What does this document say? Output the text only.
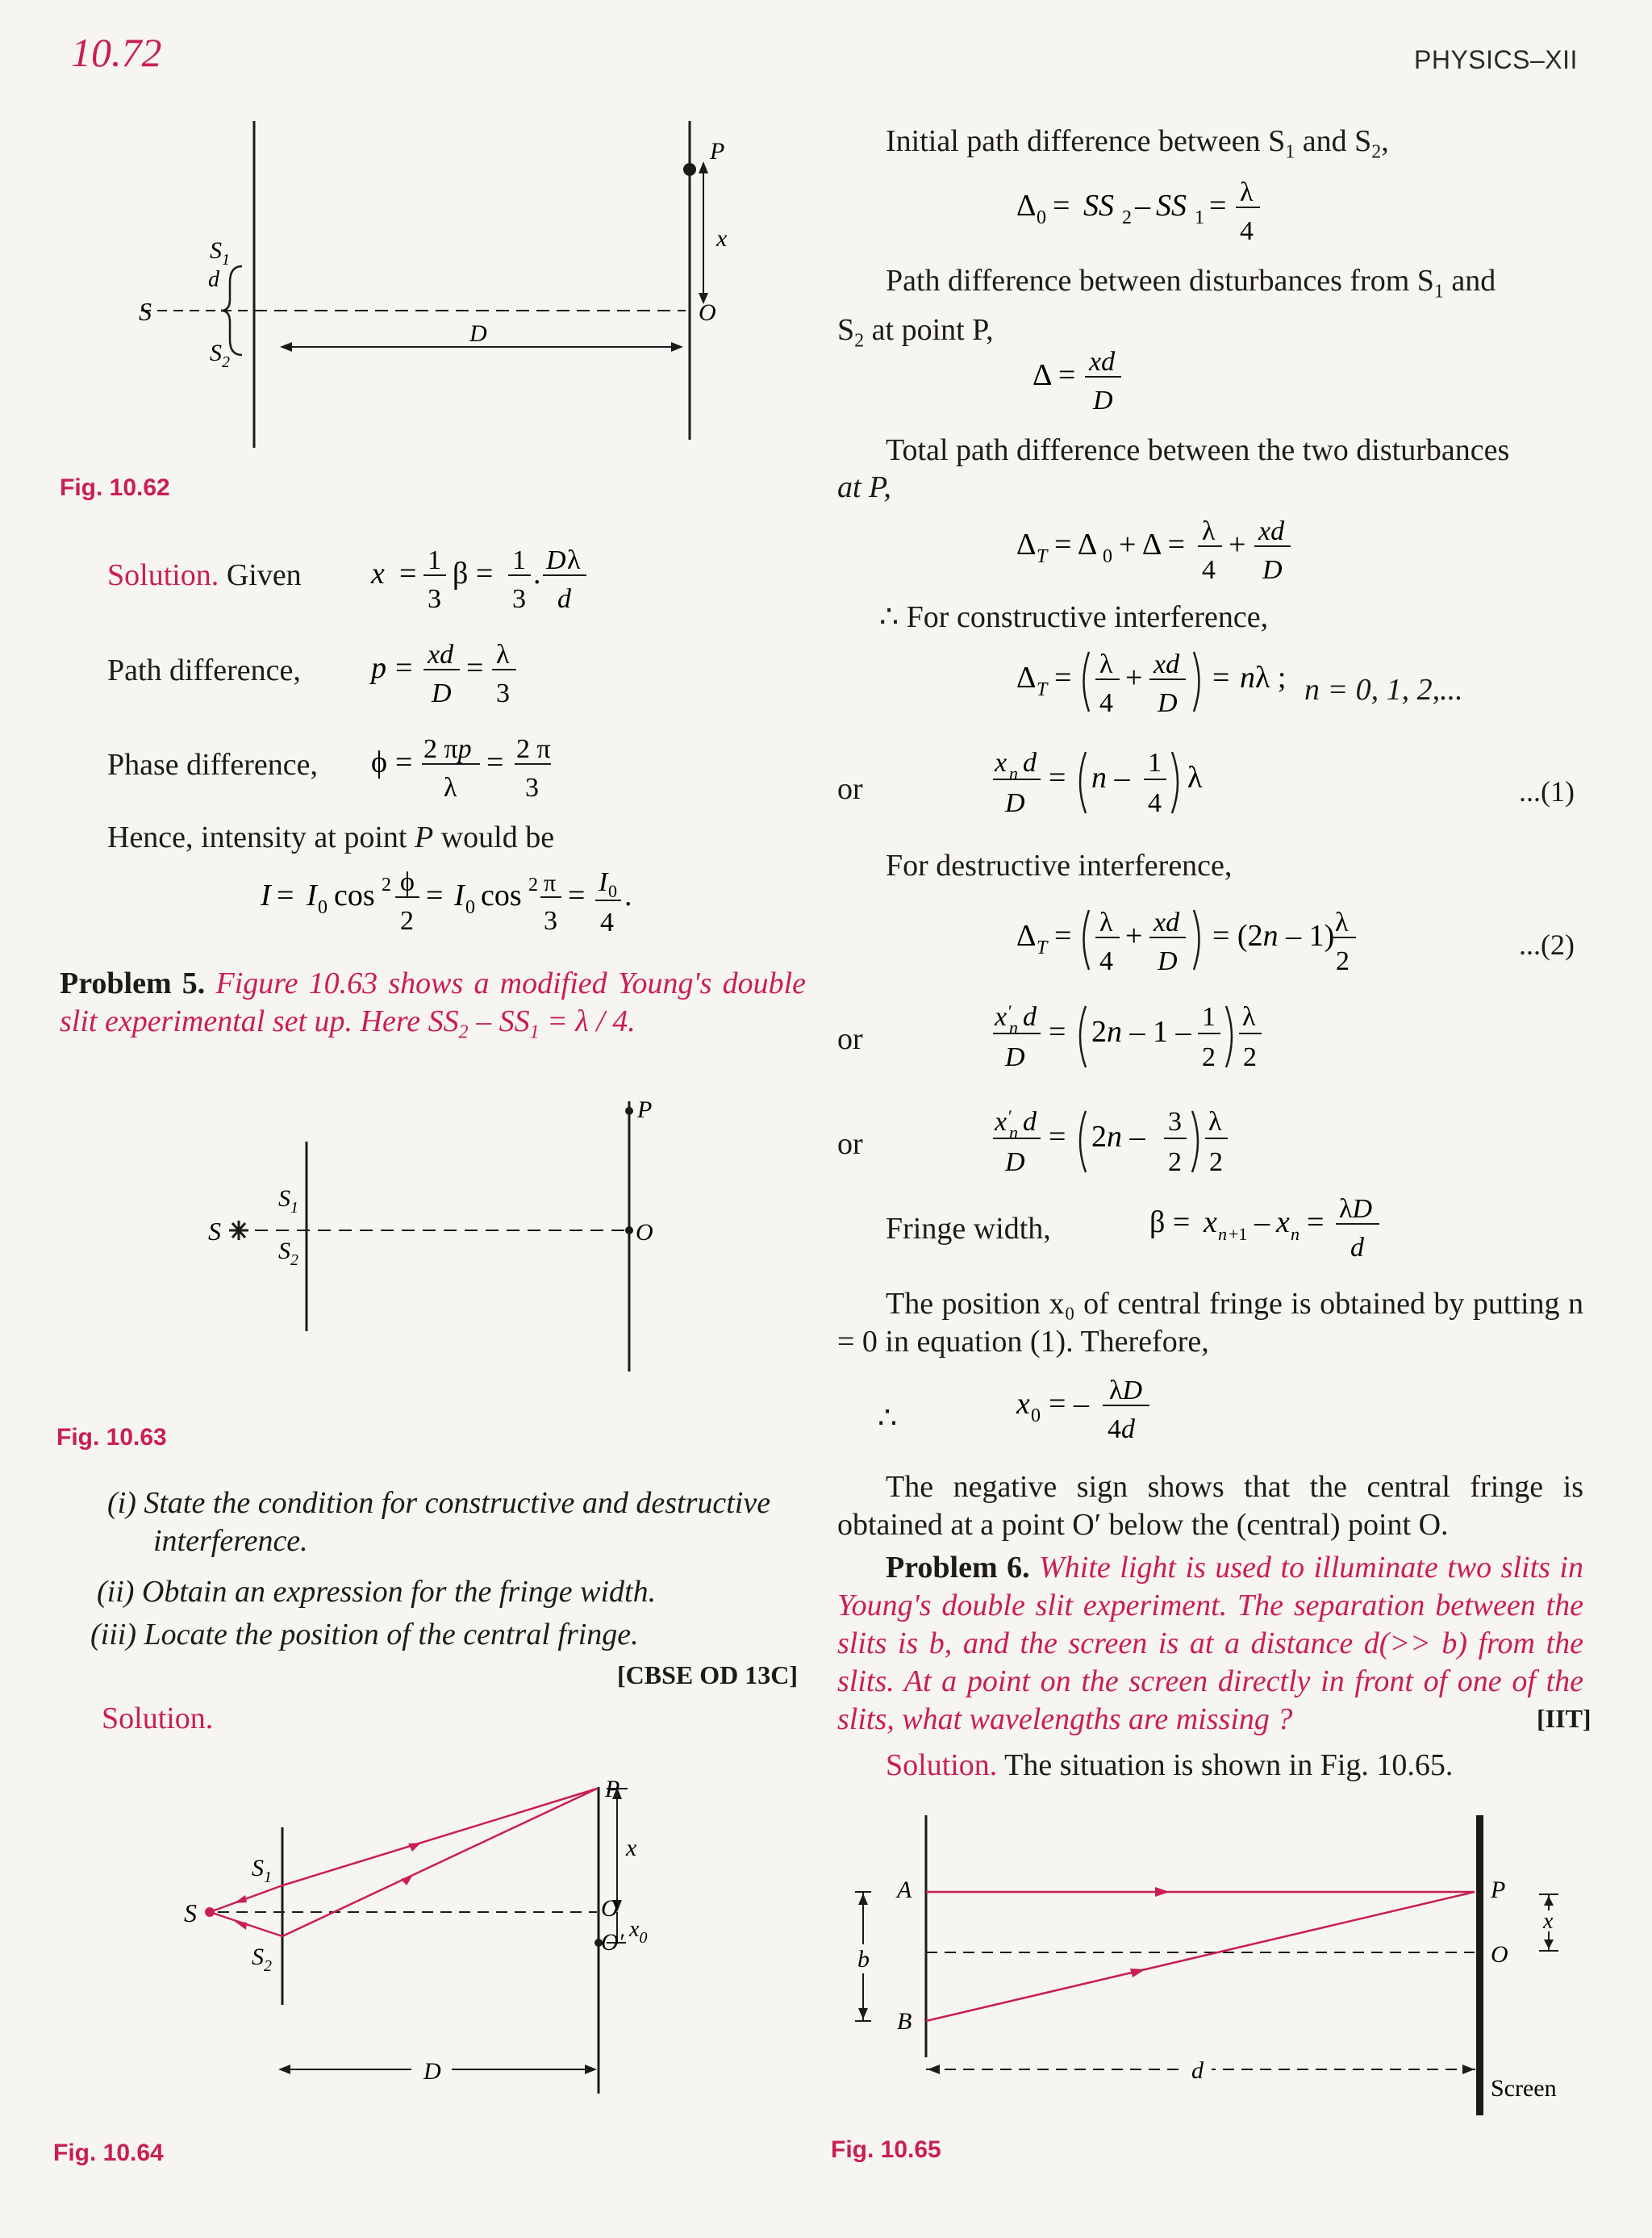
10.72	PHYSICS–XII
P
x
S
$S_1$
d
$S_2$
O
D
Fig. 10.62
Solution. Given x = 1
3
β = 1
3
. D λ
d
Path difference, p = xd
D
= λ
3
Phase difference, ϕ = 2 πp
λ
= 2 π
3
Hence, intensity at point P would be
I = I 0 cos 2 ϕ
2
= I 0 cos 2 π
3
= I 0
4
.
Problem 5. Figure 10.63 shows a modified Young's double slit experimental set up. Here $SS_2 - SS_1 = \lambda / 4$.
S
$S_1$
$S_2$
P
O
Fig. 10.63
(i) State the condition for constructive and destructive interference.
(ii) Obtain an expression for the fringe width.
(iii) Locate the position of the central fringe.
[CBSE OD 13C]
Solution.
S
$S_1$
$S_2$
P
x
O
O′ $x_0$
D
Fig. 10.64
Initial path difference between $S_1$ and $S_2$,
Δ 0 = SS 2 – SS 1 = λ
4
Path difference between disturbances from $S_1$ and
$S_2$ at point P,
Δ = xd
D
Total path difference between the two disturbances
at P,
Δ T = Δ 0 + Δ = λ
4
+ xd
D
∴ For constructive interference,
Δ T = λ
4
+ xd
D
= nλ ; n = 0, 1, 2,...
or
x n d
D
= n – 1
4
λ	...(1)
For destructive interference,
Δ T = λ
4
+ xd
D
= (2n – 1) λ
2
...(2)
or
x ′
n d
D
= 2n – 1 – 1
2
λ
2
or
x ′
n d
D
= 2n – 3
2
λ
2
Fringe width,	β = x n +1 – x n = λD
d
The position x₀ of central fringe is obtained by putting n = 0 in equation (1). Therefore,
∴	x 0 = – λD
4d
The negative sign shows that the central fringe is obtained at a point O′ below the (central) point O.
Problem 6. White light is used to illuminate two slits in Young's double slit experiment. The separation between the slits is b, and the screen is at a distance d(>> b) from the slits. At a point on the screen directly in front of one of the slits, what wavelengths are missing ?	[IIT]
Solution. The situation is shown in Fig. 10.65.
A
B
b
P
O
x
d
Screen
Fig. 10.65
